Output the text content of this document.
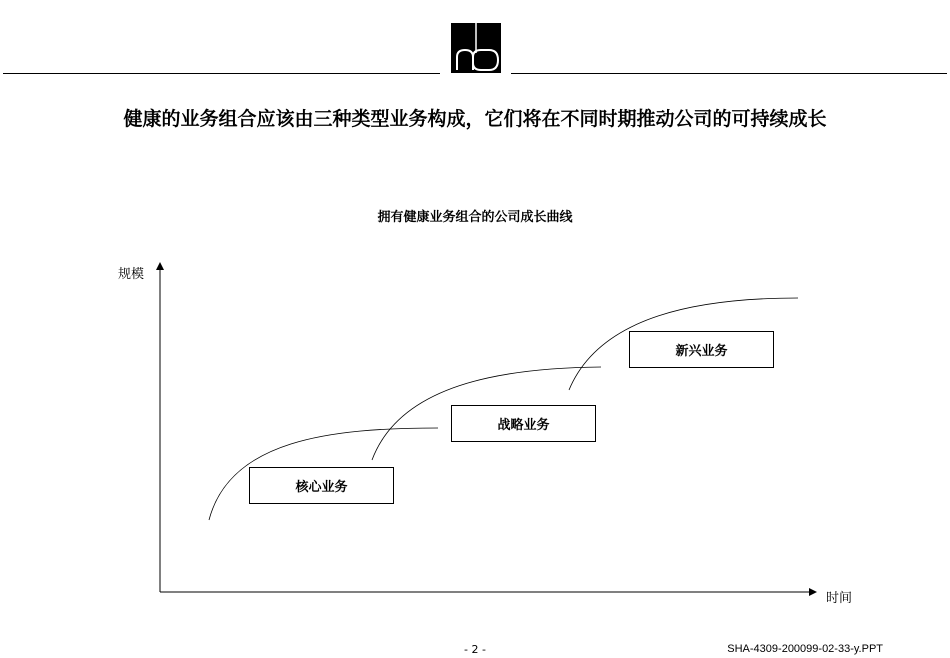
健康的业务组合应该由三种类型业务构成，它们将在不同时期推动公司的可持续成长
拥有健康业务组合的公司成长曲线
规模
时间
核心业务
战略业务
新兴业务
- 2 -	SHA-4309-200099-02-33-y.PPT
